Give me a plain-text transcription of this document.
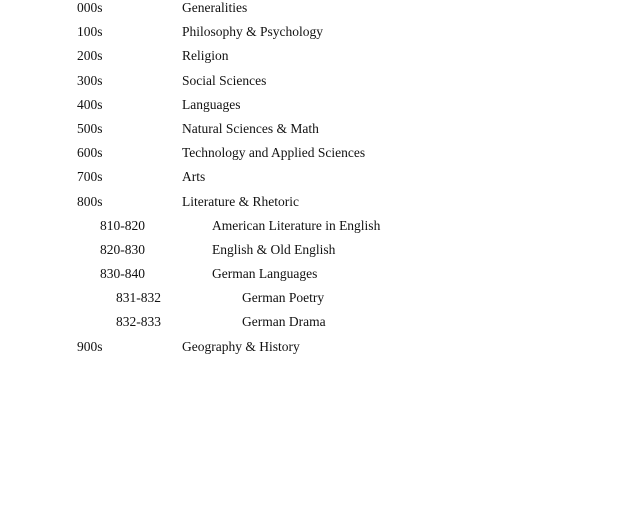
000s	Generalities
100s	Philosophy & Psychology
200s	Religion
300s	Social Sciences
400s	Languages
500s	Natural Sciences & Math
600s	Technology and Applied Sciences
700s	Arts
800s	Literature & Rhetoric
810-820	American Literature in English
820-830	English & Old English
830-840	German Languages
831-832	German Poetry
832-833	German Drama
900s	Geography & History
